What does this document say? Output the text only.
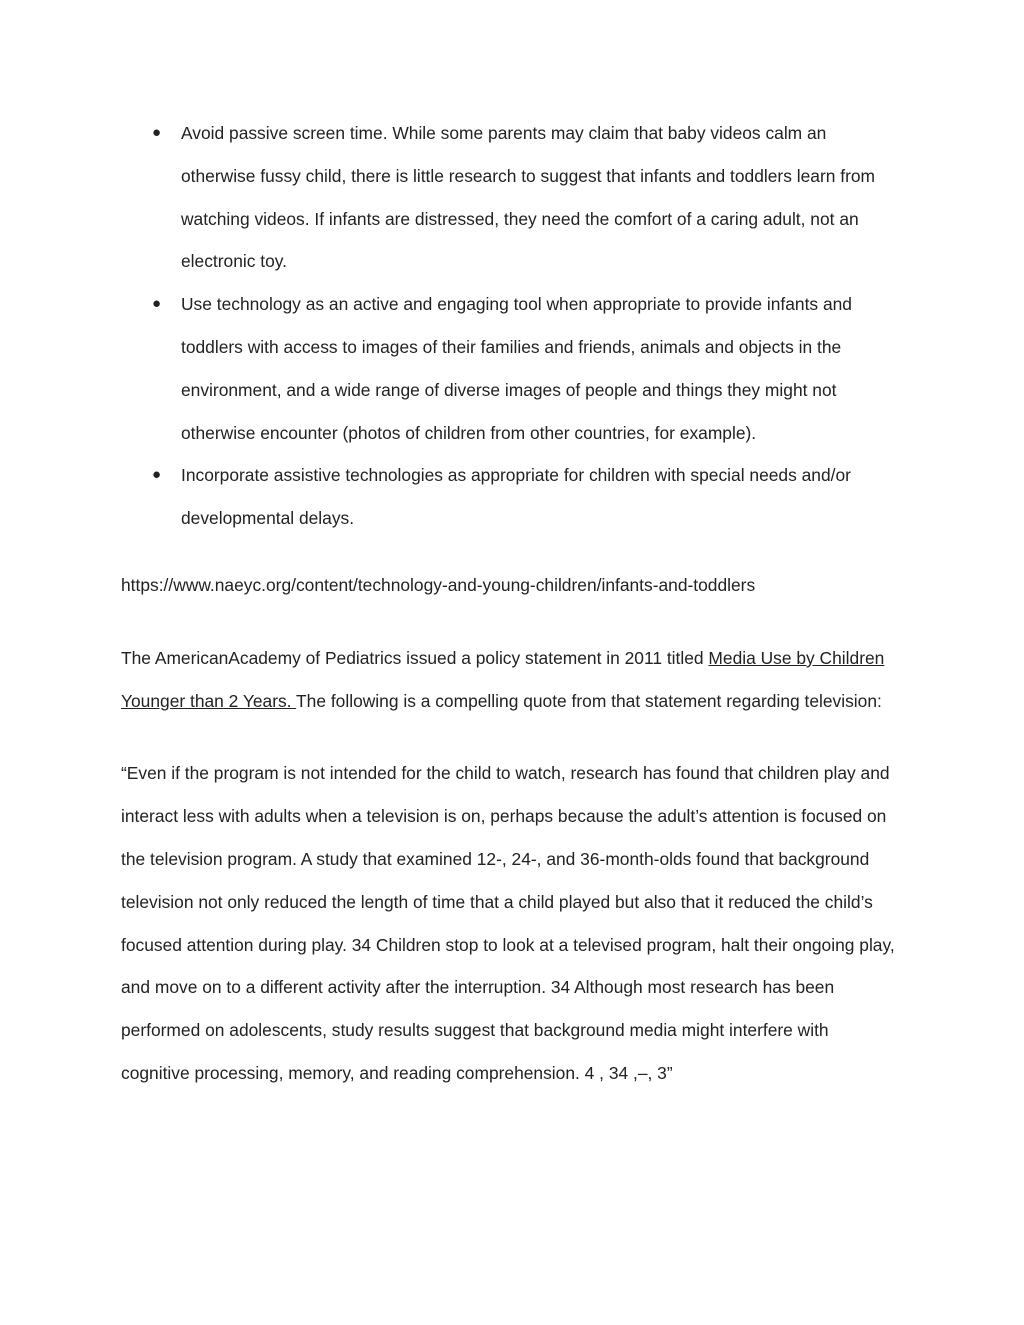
● Avoid passive screen time. While some parents may claim that baby videos calm an otherwise fussy child, there is little research to suggest that infants and toddlers learn from watching videos. If infants are distressed, they need the comfort of a caring adult, not an electronic toy.
● Use technology as an active and engaging tool when appropriate to provide infants and toddlers with access to images of their families and friends, animals and objects in the environment, and a wide range of diverse images of people and things they might not otherwise encounter (photos of children from other countries, for example).
● Incorporate assistive technologies as appropriate for children with special needs and/or developmental delays.
https://www.naeyc.org/content/technology-and-young-children/infants-and-toddlers

The AmericanAcademy of Pediatrics issued a policy statement in 2011 titled Media Use by Children Younger than 2 Years. The following is a compelling quote from that statement regarding television:

“Even if the program is not intended for the child to watch, research has found that children play and interact less with adults when a television is on, perhaps because the adult’s attention is focused on the television program. A study that examined 12-, 24-, and 36-month-olds found that background television not only reduced the length of time that a child played but also that it reduced the child’s focused attention during play. 34 Children stop to look at a televised program, halt their ongoing play, and move on to a different activity after the interruption. 34 Although most research has been performed on adolescents, study results suggest that background media might interfere with cognitive processing, memory, and reading comprehension. 4 , 34 ,–, 3”
